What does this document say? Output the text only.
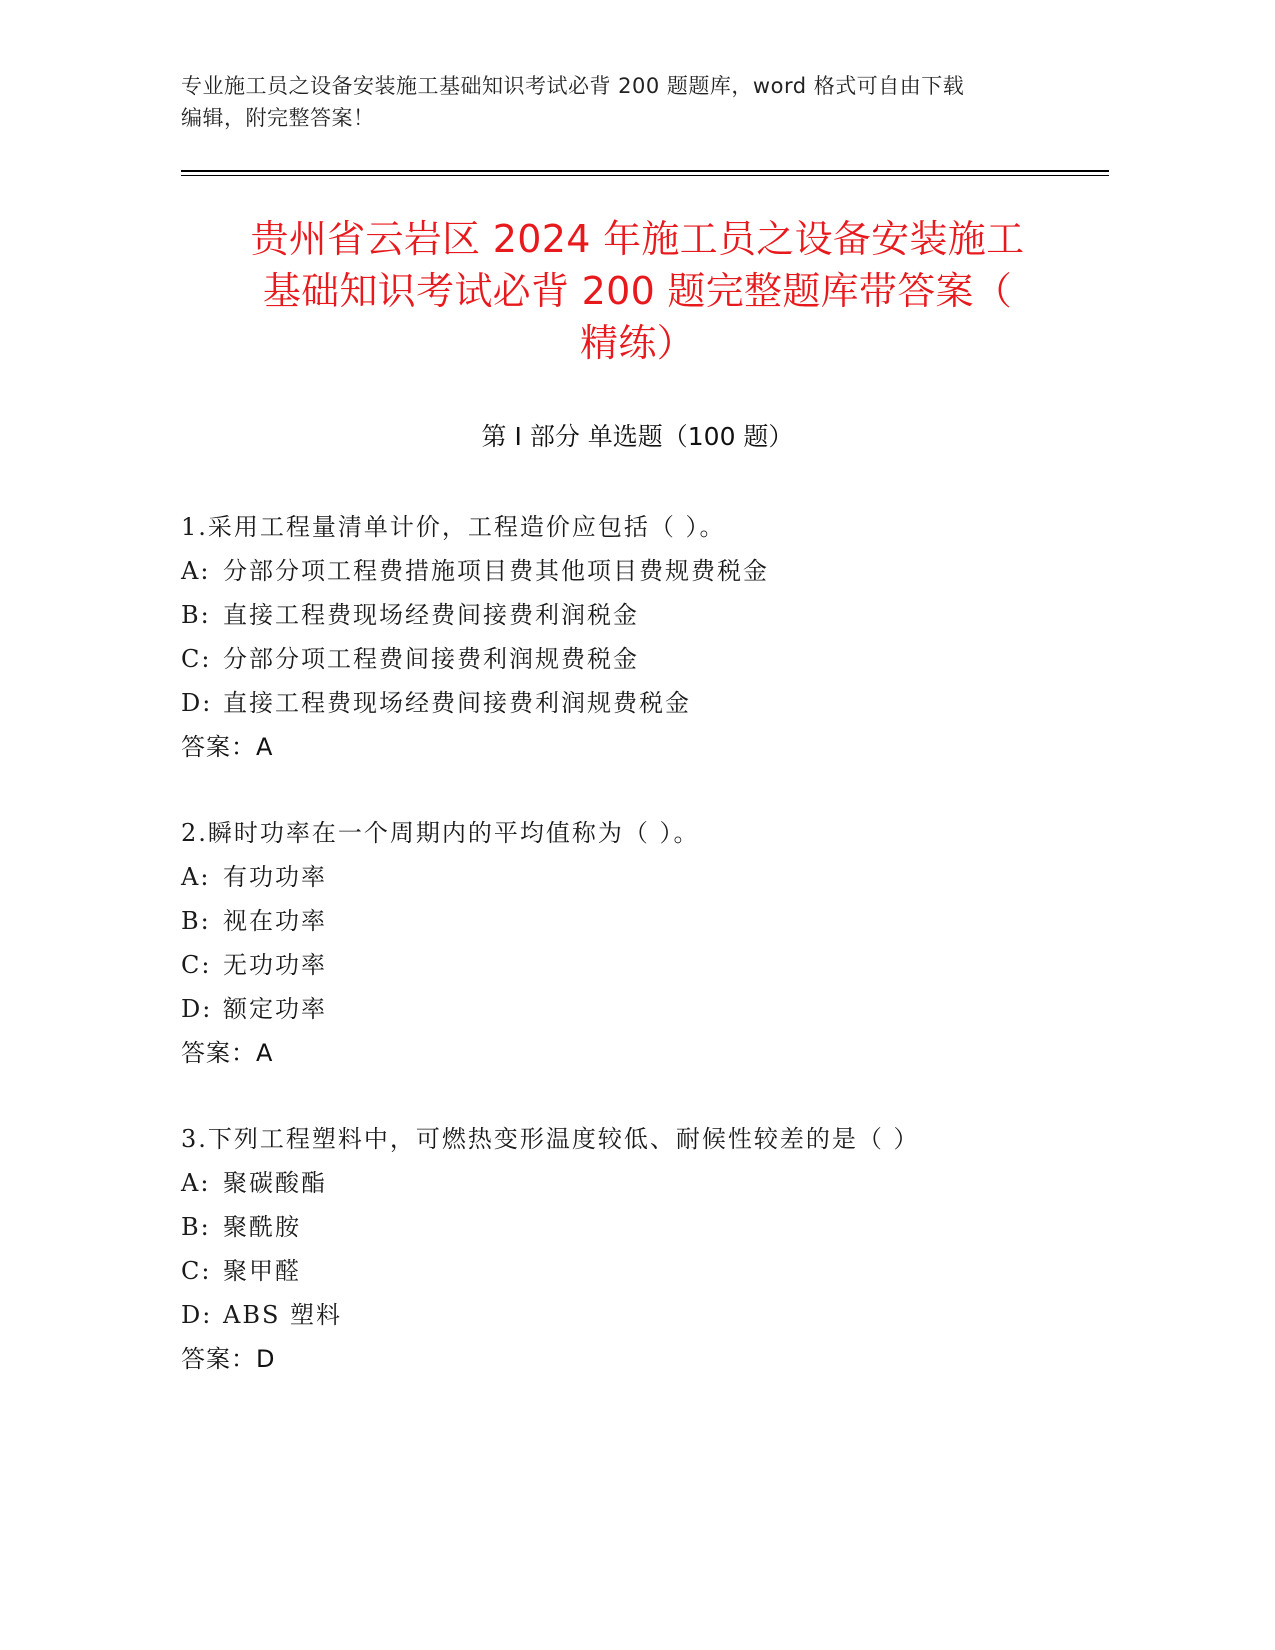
专业施工员之设备安装施工基础知识考试必背 200 题题库，word 格式可自由下载
编辑，附完整答案！
贵州省云岩区 2024 年施工员之设备安装施工
基础知识考试必背 200 题完整题库带答案（
精练）
第 I 部分 单选题（100 题）
1.采用工程量清单计价，工程造价应包括（ ）。
A: 分部分项工程费措施项目费其他项目费规费税金
B: 直接工程费现场经费间接费利润税金
C: 分部分项工程费间接费利润规费税金
D: 直接工程费现场经费间接费利润规费税金
答案：A
2.瞬时功率在一个周期内的平均值称为（ ）。
A: 有功功率
B: 视在功率
C: 无功功率
D: 额定功率
答案：A
3.下列工程塑料中，可燃热变形温度较低、耐候性较差的是（ ）
A: 聚碳酸酯
B: 聚酰胺
C: 聚甲醛
D: ABS 塑料
答案：D
